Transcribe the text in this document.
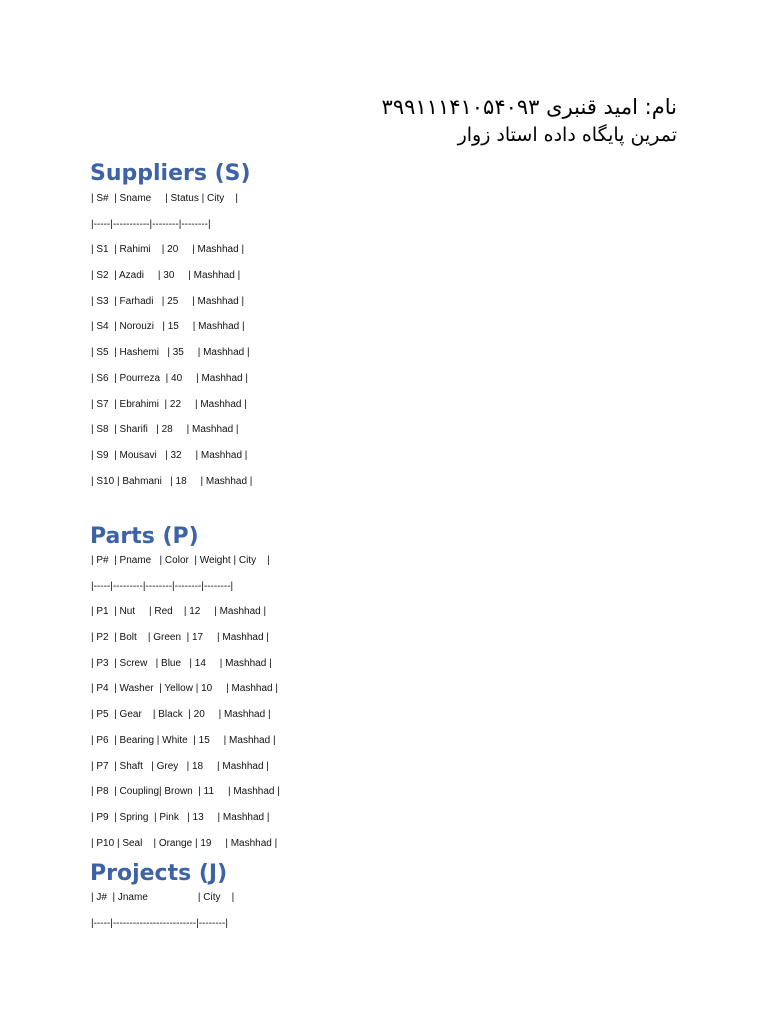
نام: امید قنبری ۳۹۹۱۱۱۴۱۰۵۴۰۹۳
تمرین پایگاه داده استاد زوار
Suppliers (S)
| S#  | Sname     | Status | City    |
|-----|-----------|--------|--------|
| S1  | Rahimi    | 20     | Mashhad |
| S2  | Azadi     | 30     | Mashhad |
| S3  | Farhadi   | 25     | Mashhad |
| S4  | Norouzi   | 15     | Mashhad |
| S5  | Hashemi   | 35     | Mashhad |
| S6  | Pourreza  | 40     | Mashhad |
| S7  | Ebrahimi  | 22     | Mashhad |
| S8  | Sharifi   | 28     | Mashhad |
| S9  | Mousavi   | 32     | Mashhad |
| S10 | Bahmani   | 18     | Mashhad |
Parts (P)
| P#  | Pname   | Color  | Weight | City    |
|-----|---------|--------|--------|--------|
| P1  | Nut     | Red    | 12     | Mashhad |
| P2  | Bolt    | Green  | 17     | Mashhad |
| P3  | Screw   | Blue   | 14     | Mashhad |
| P4  | Washer  | Yellow | 10     | Mashhad |
| P5  | Gear    | Black  | 20     | Mashhad |
| P6  | Bearing | White  | 15     | Mashhad |
| P7  | Shaft   | Grey   | 18     | Mashhad |
| P8  | Coupling| Brown  | 11     | Mashhad |
| P9  | Spring  | Pink   | 13     | Mashhad |
| P10 | Seal    | Orange | 19     | Mashhad |
Projects (J)
| J#  | Jname                  | City    |
|-----|-------------------------|--------|
